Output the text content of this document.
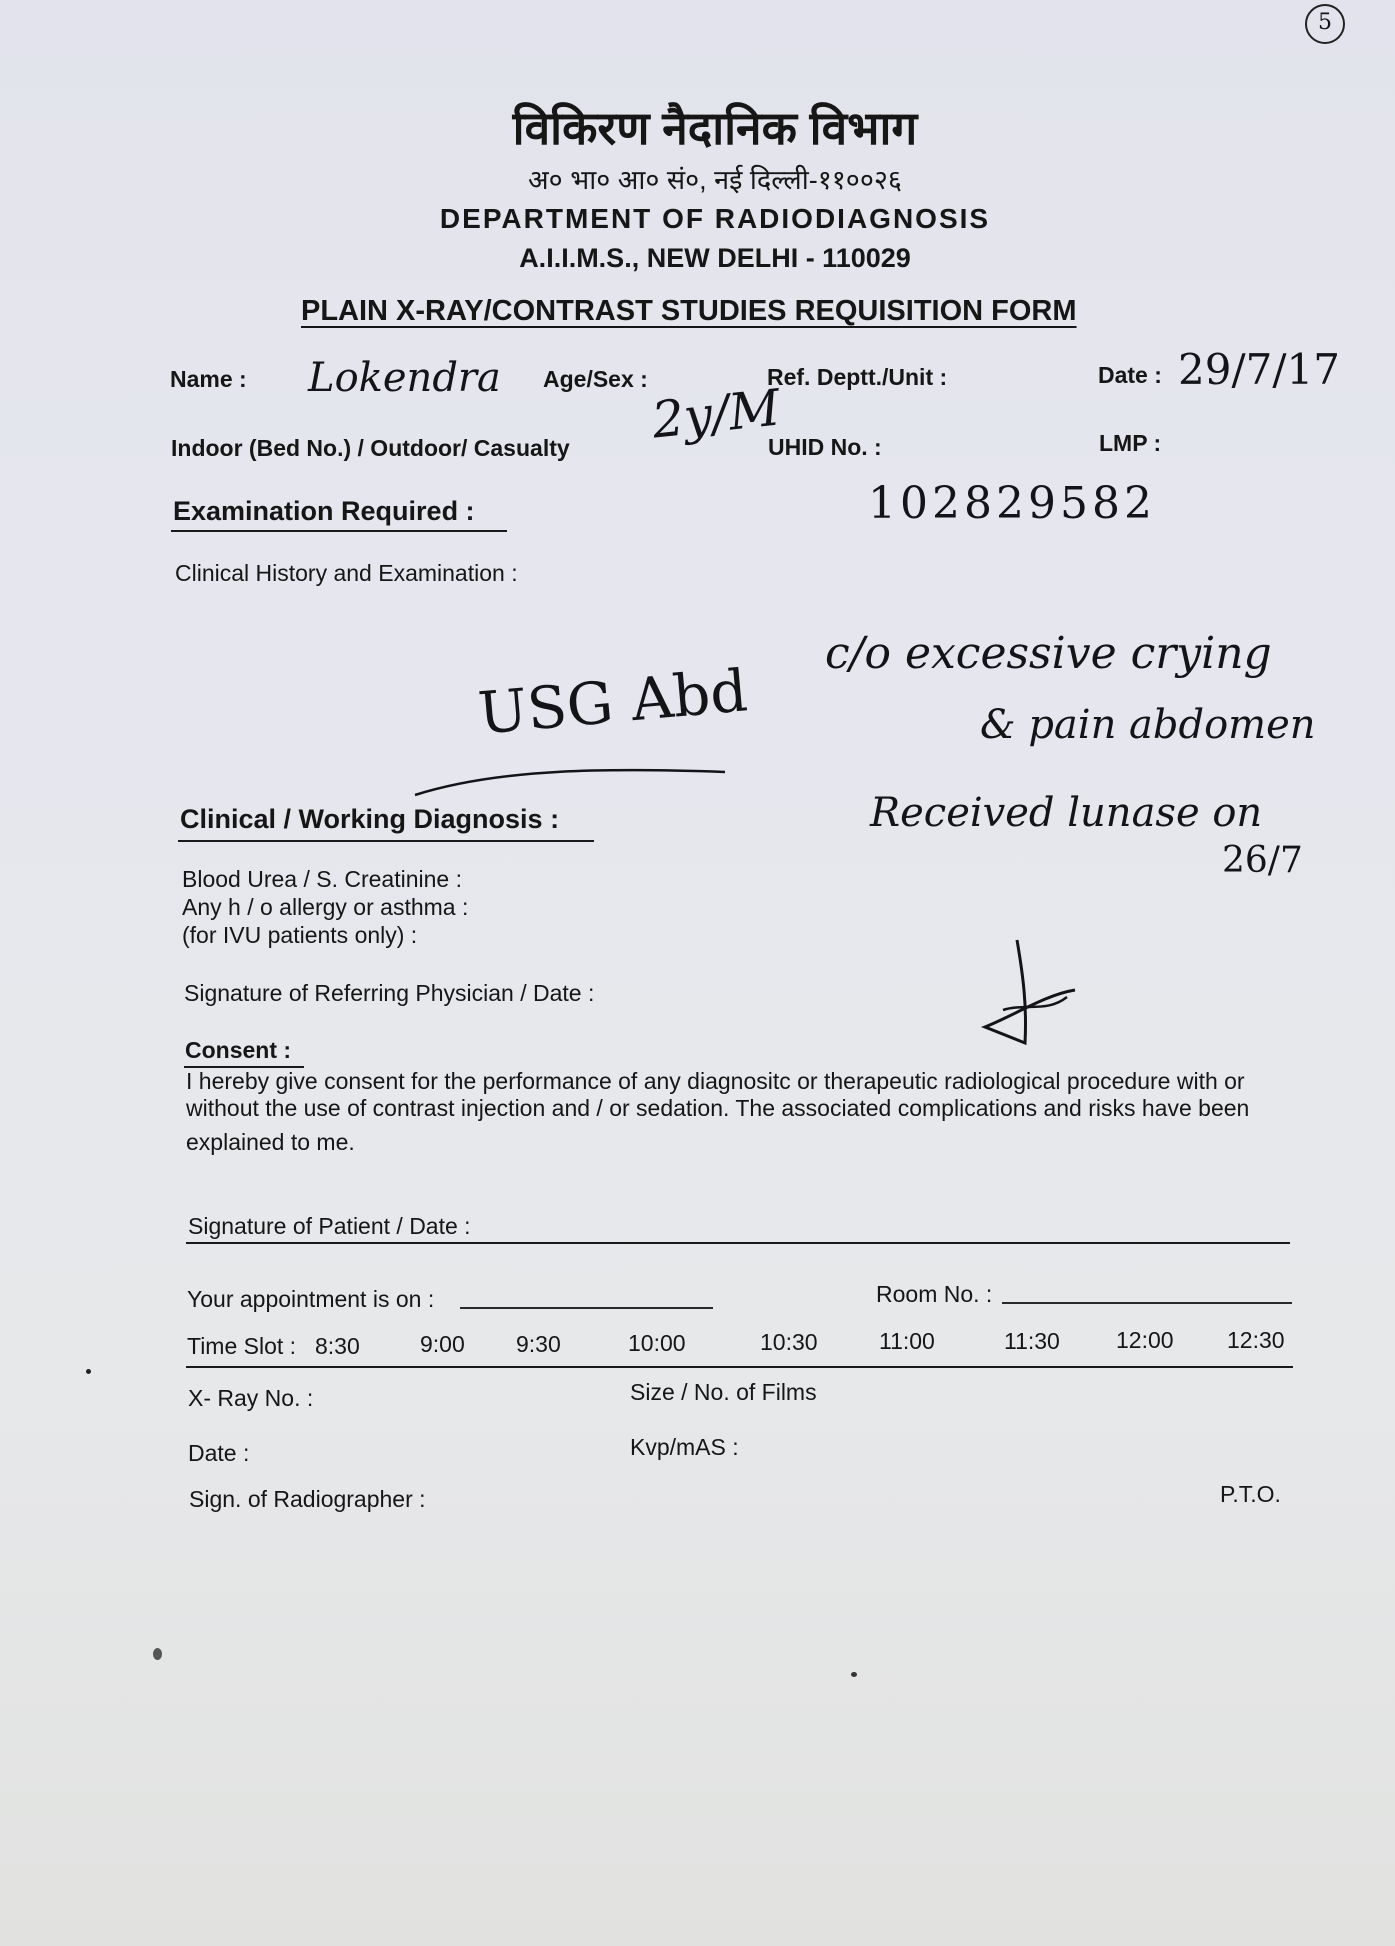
5
विकिरण नैदानिक विभाग
अ० भा० आ० सं०, नई दिल्ली-११००२६
DEPARTMENT OF RADIODIAGNOSIS
A.I.I.M.S., NEW DELHI - 110029
PLAIN X-RAY/CONTRAST STUDIES REQUISITION FORM
Name : Lokendra Age/Sex : 2y/M
Ref. Deptt./Unit :	Date : 29/7/17
Indoor (Bed No.) / Outdoor/ Casualty	UHID No. :	LMP :
102829582
Examination Required :
Clinical History and Examination :
USG Abd
c/o excessive crying
& pain abdomen
Received lunase on
26/7
Clinical / Working Diagnosis :
Blood Urea / S. Creatinine :
Any h / o allergy or asthma :
(for IVU patients only) :
Signature of Referring Physician / Date :
Consent :
I hereby give consent for the performance of any diagnositc or therapeutic radiological procedure with or
without the use of contrast injection and / or sedation. The associated complications and risks have been
explained to me.
Signature of Patient / Date :
Your appointment is on :	Room No. :
Time Slot : 8:30	9:00 9:30	10:00	10:30	11:00	11:30 12:00 12:30
X- Ray No. :	Size / No. of Films
Date :	Kvp/mAS :
Sign. of Radiographer :	P.T.O.
